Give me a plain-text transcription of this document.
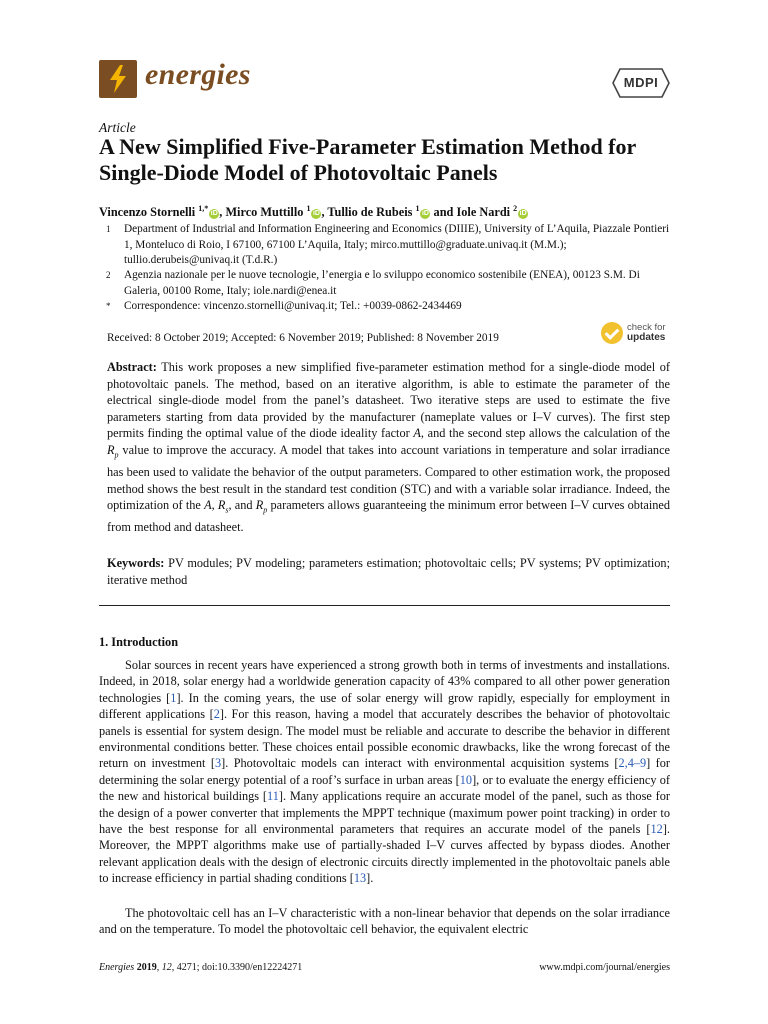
energies	MDPI
Article
A New Simplified Five-Parameter Estimation Method for Single-Diode Model of Photovoltaic Panels
Vincenzo Stornelli $^{1,*}$iD , Mirco Muttillo $^1$iD , Tullio de Rubeis $^1$iD and Iole Nardi $^2$iD
1 Department of Industrial and Information Engineering and Economics (DIIIE), University of L’Aquila, Piazzale Pontieri 1, Monteluco di Roio, I 67100, 67100 L’Aquila, Italy; mirco.muttillo@graduate.univaq.it (M.M.); tullio.derubeis@univaq.it (T.d.R.)
2 Agenzia nazionale per le nuove tecnologie, l’energia e lo sviluppo economico sostenibile (ENEA), 00123 S.M. Di Galeria, 00100 Rome, Italy; iole.nardi@enea.it
* Correspondence: vincenzo.stornelli@univaq.it; Tel.: +0039-0862-2434469
Received: 8 October 2019; Accepted: 6 November 2019; Published: 8 November 2019
check for
updates
Abstract: This work proposes a new simplified five-parameter estimation method for a single-diode model of photovoltaic panels. The method, based on an iterative algorithm, is able to estimate the parameter of the electrical single-diode model from the panel’s datasheet. Two iterative steps are used to estimate the five parameters starting from data provided by the manufacturer (nameplate values or I–V curves). The first step permits finding the optimal value of the diode ideality factor A, and the second step allows the calculation of the $R_p$ value to improve the accuracy. A model that takes into account variations in temperature and solar irradiance has been used to validate the behavior of the output parameters. Compared to other estimation work, the proposed method shows the best result in the standard test condition (STC) and with a variable solar irradiance. Indeed, the optimization of the A, $R_s$, and $R_p$ parameters allows guaranteeing the minimum error between I–V curves obtained from method and datasheet.
Keywords: PV modules; PV modeling; parameters estimation; photovoltaic cells; PV systems; PV optimization; iterative method
1. Introduction
Solar sources in recent years have experienced a strong growth both in terms of investments and installations. Indeed, in 2018, solar energy had a worldwide generation capacity of 43% compared to all other power generation technologies [1]. In the coming years, the use of solar energy will grow rapidly, especially for employment in different applications [2]. For this reason, having a model that accurately describes the behavior of photovoltaic panels is essential for system design. The model must be reliable and accurate to describe the behavior in different environmental conditions better. These choices entail possible economic drawbacks, like the wrong forecast of the return on investment [3]. Photovoltaic models can interact with environmental acquisition systems [2,4–9] for determining the solar energy potential of a roof’s surface in urban areas [10], or to evaluate the energy efficiency of the new and historical buildings [11]. Many applications require an accurate model of the panel, such as those for the design of a power converter that implements the MPPT technique (maximum power point tracking) in order to have the best response for all environmental parameters that requires an accurate model of the panels [12]. Moreover, the MPPT algorithms make use of partially-shaded I–V curves affected by bypass diodes. Another relevant application deals with the design of electronic circuits directly implemented in the photovoltaic panels able to increase efficiency in partial shading conditions [13].
The photovoltaic cell has an I–V characteristic with a non-linear behavior that depends on the solar irradiance and on the temperature. To model the photovoltaic cell behavior, the equivalent electric
Energies 2019, 12, 4271; doi:10.3390/en12224271	www.mdpi.com/journal/energies
